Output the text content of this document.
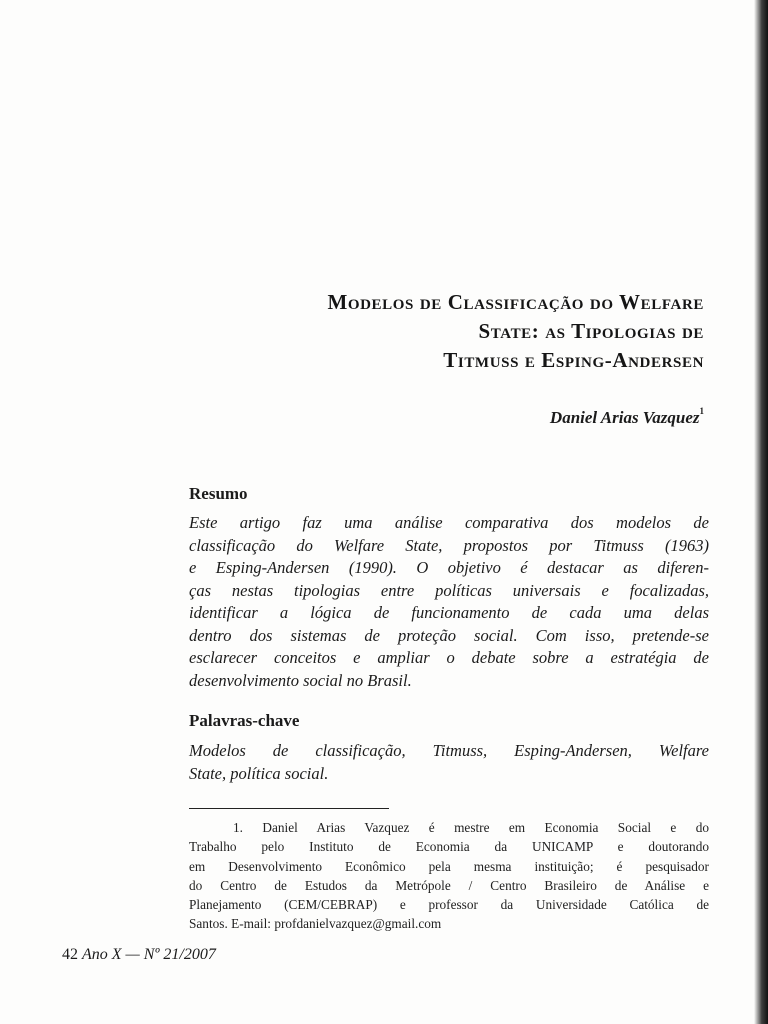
Modelos de Classificação do Welfare
State: as Tipologias de
Titmuss e Esping-Andersen
Daniel Arias Vazquez$^1$
Resumo
Este artigo faz uma análise comparativa dos modelos de
classificação do Welfare State, propostos por Titmuss (1963)
e Esping-Andersen (1990). O objetivo é destacar as diferen-
ças nestas tipologias entre políticas universais e focalizadas,
identificar a lógica de funcionamento de cada uma delas
dentro dos sistemas de proteção social. Com isso, pretende-se
esclarecer conceitos e ampliar o debate sobre a estratégia de
desenvolvimento social no Brasil.
Palavras-chave
Modelos de classificação, Titmuss, Esping-Andersen, Welfare
State, política social.
1. Daniel Arias Vazquez é mestre em Economia Social e do
Trabalho pelo Instituto de Economia da UNICAMP e doutorando
em Desenvolvimento Econômico pela mesma instituição; é pesquisador
do Centro de Estudos da Metrópole / Centro Brasileiro de Análise e
Planejamento (CEM/CEBRAP) e professor da Universidade Católica de
Santos. E-mail: profdanielvazquez@gmail.com
42 Ano X — Nº 21/2007
